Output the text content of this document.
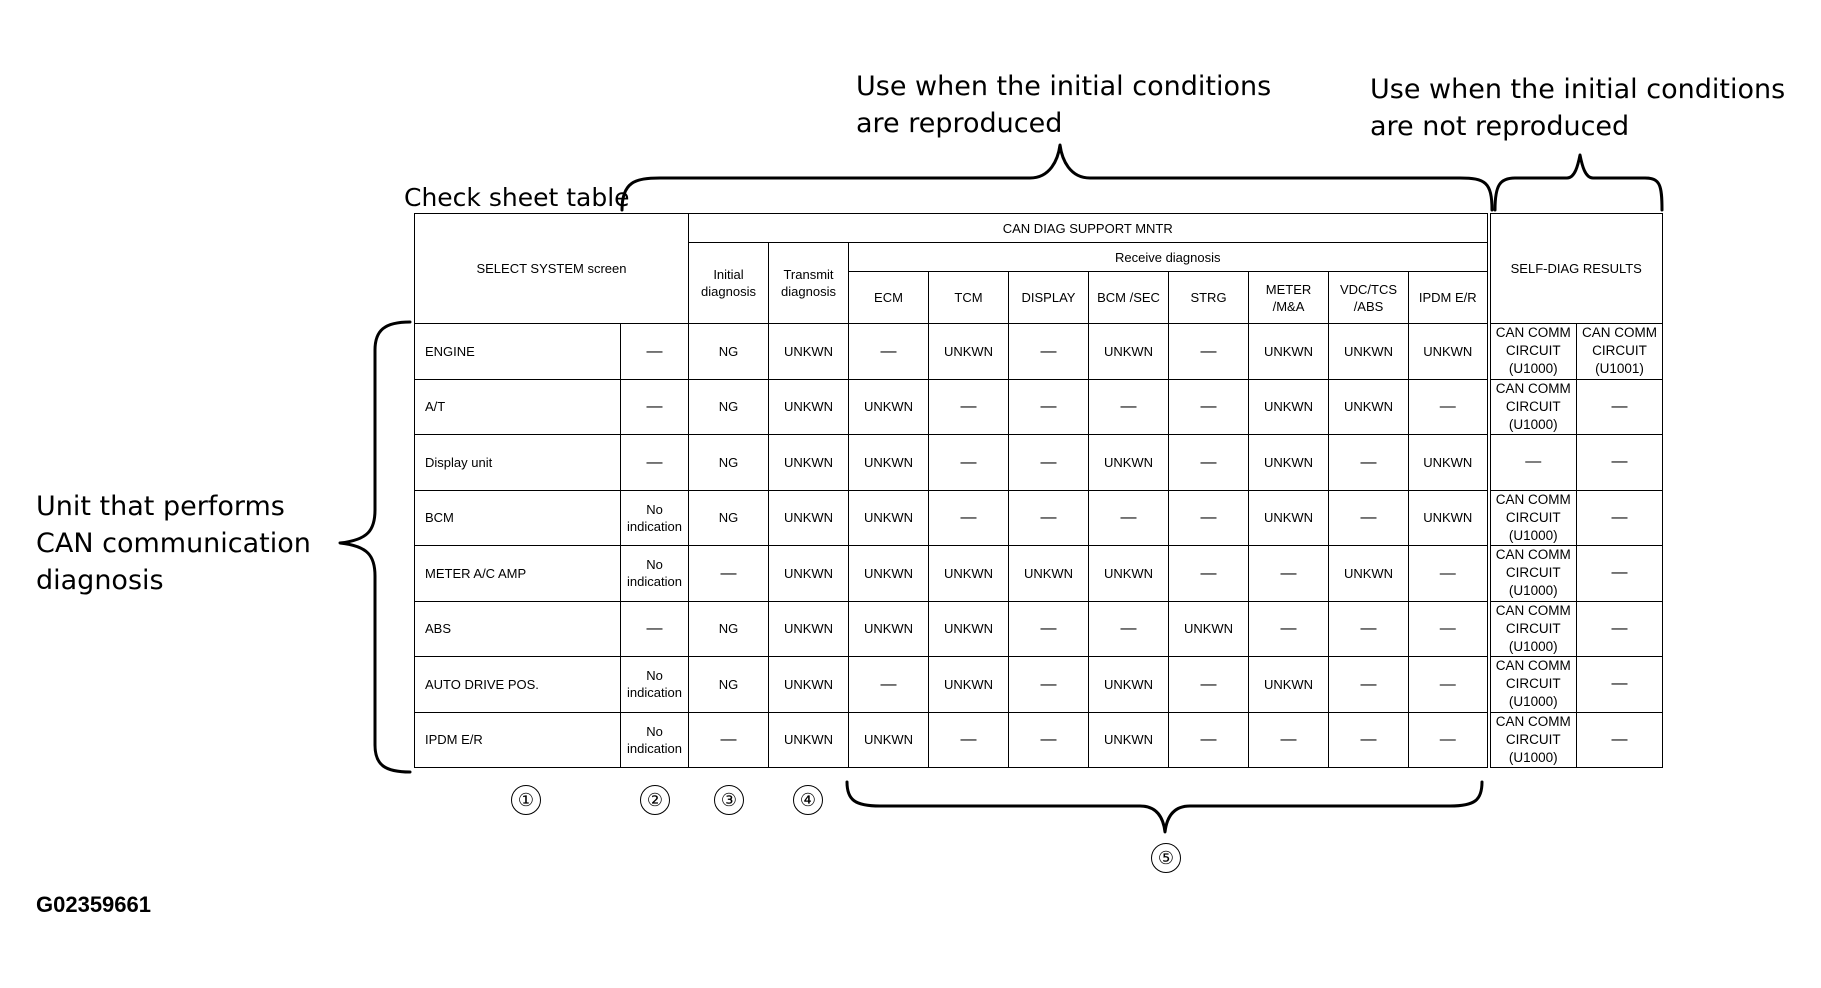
Use when the initial conditions
are reproduced
Use when the initial conditions
are not reproduced
Check sheet table
Unit that performs
CAN communication
diagnosis
SELECT SYSTEM screen		CAN DIAG SUPPORT MNTR										SELF-DIAG RESULTS	
		Initial diagnosis	Transmit diagnosis	Receive diagnosis									
				ECM	TCM	DISPLAY	BCM /SEC	STRG	METER /M&A	VDC/TCS /ABS	IPDM E/R		
ENGINE	—	NG	UNKWN	—	UNKWN	—	UNKWN	—	UNKWN	UNKWN	UNKWN	CAN COMM CIRCUIT (U1000)	CAN COMM CIRCUIT (U1001)
A/T	—	NG	UNKWN	UNKWN	—	—	—	—	UNKWN	UNKWN	—	CAN COMM CIRCUIT (U1000)	—
Display unit	—	NG	UNKWN	UNKWN	—	—	UNKWN	—	UNKWN	—	UNKWN	—	—
BCM	No indication	NG	UNKWN	UNKWN	—	—	—	—	UNKWN	—	UNKWN	CAN COMM CIRCUIT (U1000)	—
METER A/C AMP	No indication	—	UNKWN	UNKWN	UNKWN	UNKWN	UNKWN	—	—	UNKWN	—	CAN COMM CIRCUIT (U1000)	—
ABS	—	NG	UNKWN	UNKWN	UNKWN	—	—	UNKWN	—	—	—	CAN COMM CIRCUIT (U1000)	—
AUTO DRIVE POS.	No indication	NG	UNKWN	—	UNKWN	—	UNKWN	—	UNKWN	—	—	CAN COMM CIRCUIT (U1000)	—
IPDM E/R	No indication	—	UNKWN	UNKWN	—	—	UNKWN	—	—	—	—	CAN COMM CIRCUIT (U1000)	—
①	②	③	④
⑤
G02359661
